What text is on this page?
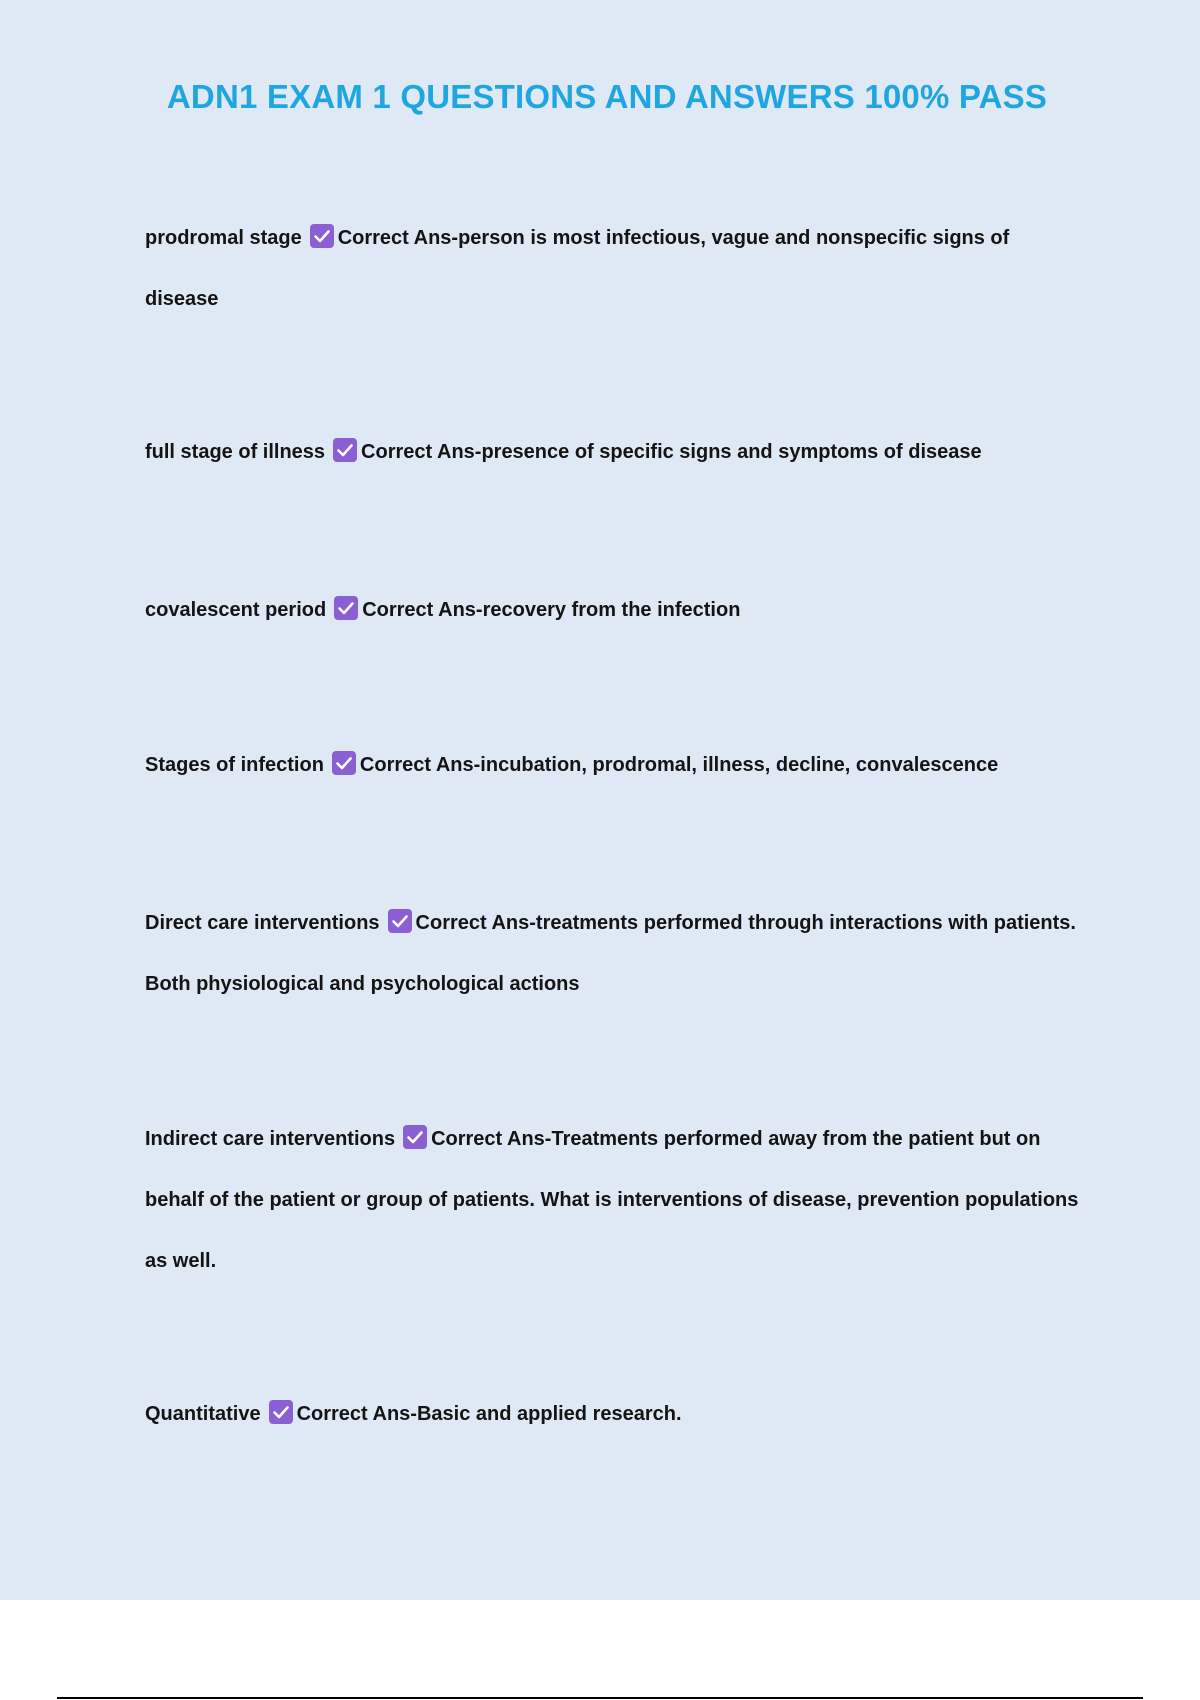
ADN1 EXAM 1 QUESTIONS AND ANSWERS 100% PASS
prodromal stage Correct Ans-person is most infectious, vague and nonspecific signs of disease
full stage of illness Correct Ans-presence of specific signs and symptoms of disease
covalescent period Correct Ans-recovery from the infection
Stages of infection Correct Ans-incubation, prodromal, illness, decline, convalescence
Direct care interventions Correct Ans-treatments performed through interactions with patients. Both physiological and psychological actions
Indirect care interventions Correct Ans-Treatments performed away from the patient but on behalf of the patient or group of patients. What is interventions of disease, prevention populations as well.
Quantitative Correct Ans-Basic and applied research.
